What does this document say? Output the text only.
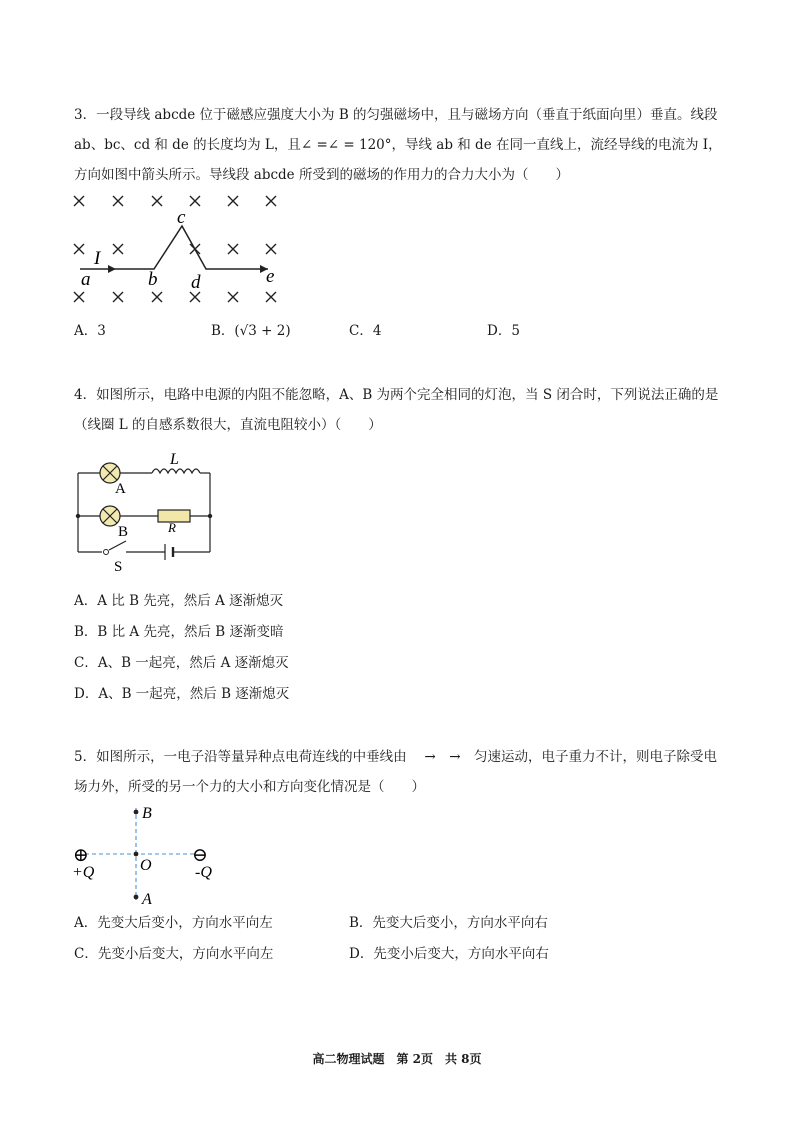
3．一段导线 abcde 位于磁感应强度大小为 B 的匀强磁场中，且与磁场方向（垂直于纸面向里）垂直。线段 ab、bc、cd 和 de 的长度均为 L，且∠ =∠ = 120°，导线 ab 和 de 在同一直线上，流经导线的电流为 I，方向如图中箭头所示。导线段 abcde 所受到的磁场的作用力的合力大小为（　　）
I
a	b
c
d	e
A．3	B．(√3 + 2)	C．4	D．5
4．如图所示，电路中电源的内阻不能忽略，A、B 为两个完全相同的灯泡，当 S 闭合时，下列说法正确的是（线圈 L 的自感系数很大，直流电阻较小）（　　）
L
A
B	R
S
A．A 比 B 先亮，然后 A 逐渐熄灭
B．B 比 A 先亮，然后 B 逐渐变暗
C．A、B 一起亮，然后 A 逐渐熄灭
D．A、B 一起亮，然后 B 逐渐熄灭
5．如图所示，一电子沿等量异种点电荷连线的中垂线由 　→　→　匀速运动，电子重力不计，则电子除受电场力外，所受的另一个力的大小和方向变化情况是（　　）
⊕	⊖
+Q	-Q
B
O
A
A．先变大后变小，方向水平向左	B．先变大后变小，方向水平向右
C．先变小后变大，方向水平向左	D．先变小后变大，方向水平向右
高二物理试题　第 2页　共 8页
